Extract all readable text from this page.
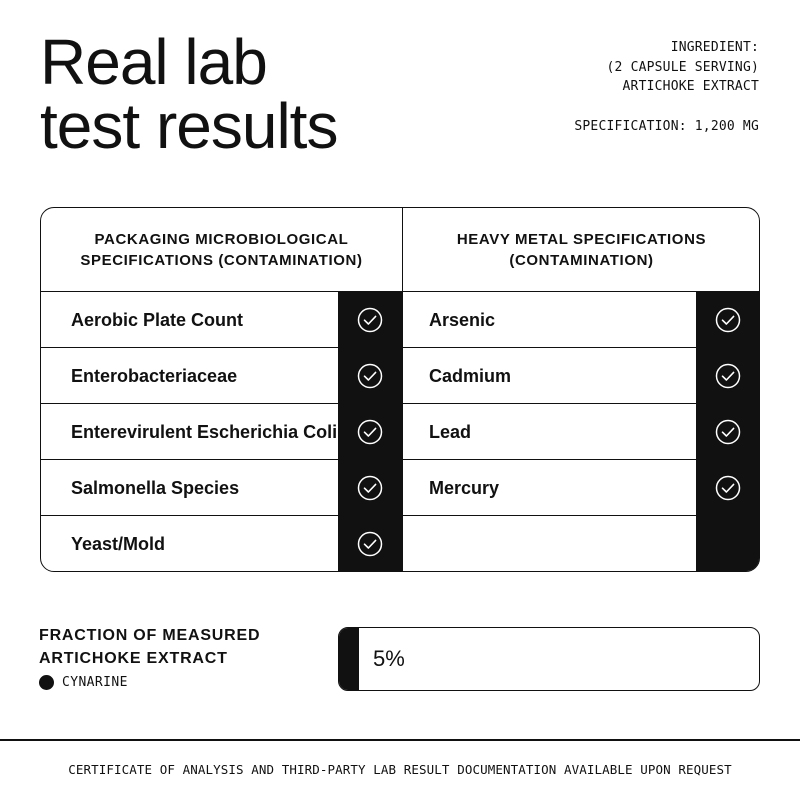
Real lab
test results
INGREDIENT:
(2 CAPSULE SERVING)
ARTICHOKE EXTRACT
SPECIFICATION: 1,200 MG
PACKAGING MICROBIOLOGICAL SPECIFICATIONS (CONTAMINATION)
Aerobic Plate Count
Enterobacteriaceae
Enterevirulent Escherichia Coli
Salmonella Species
Yeast/Mold
HEAVY METAL SPECIFICATIONS (CONTAMINATION)
Arsenic
Cadmium
Lead
Mercury
FRACTION OF MEASURED
ARTICHOKE EXTRACT
CYNARINE
5%
CERTIFICATE OF ANALYSIS AND THIRD-PARTY LAB RESULT DOCUMENTATION AVAILABLE UPON REQUEST
